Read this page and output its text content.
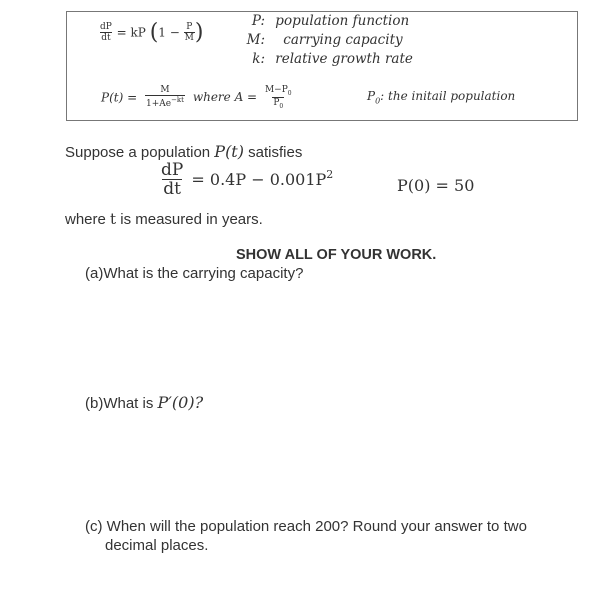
$\frac{dP}{dt}$ = kP ($1 - \frac{P}{M}$ )	P: population function
M: carrying capacity
k: relative growth rate
$P(t) = \frac{M}{1+Ae^{-kt}}$ where $A = \frac{M-P_0}{P_0}$	$P_0$: the initail population
Suppose a population P(t) satisfies
$\frac{dP}{dt} = 0.4P - 0.001P^2$
P(0) = 50
where t is measured in years.
SHOW ALL OF YOUR WORK.
(a)What is the carrying capacity?
(b)What is P′(0)?
(c) When will the population reach 200? Round your answer to two
decimal places.
